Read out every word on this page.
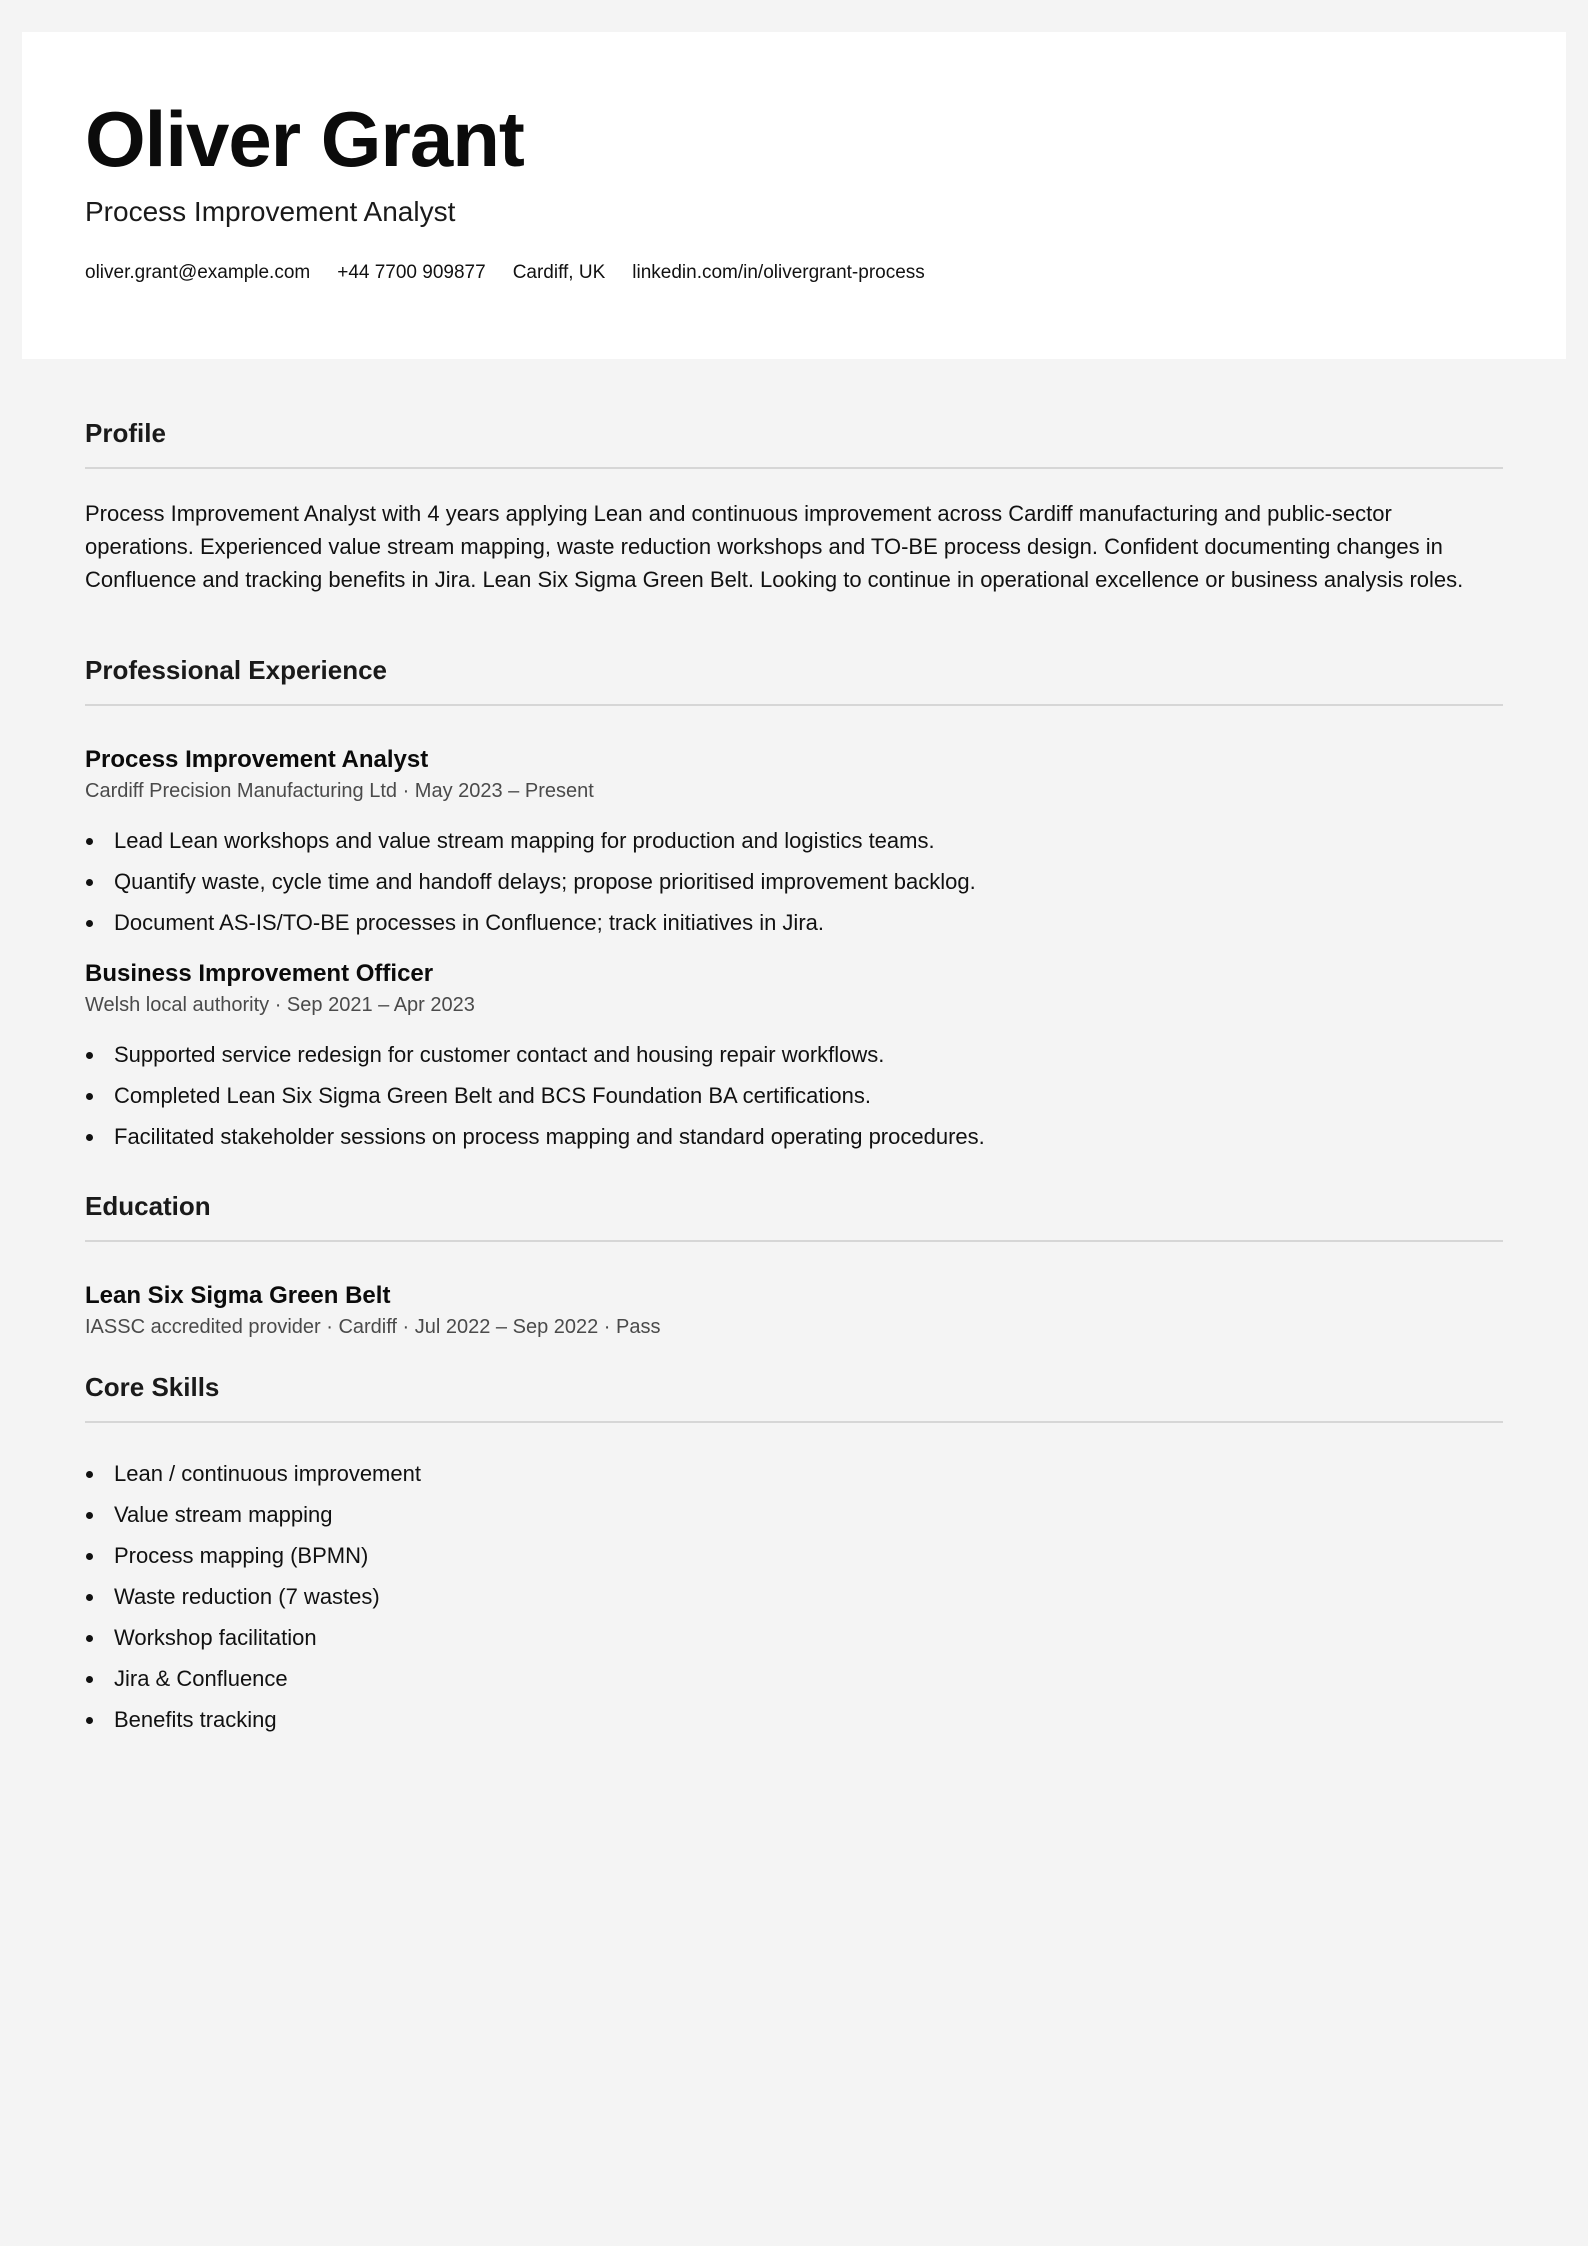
Oliver Grant
Process Improvement Analyst
oliver.grant@example.com +44 7700 909877 Cardiff, UK linkedin.com/in/olivergrant-process
Profile

Process Improvement Analyst with 4 years applying Lean and continuous improvement across Cardiff manufacturing and public-sector operations. Experienced value stream mapping, waste reduction workshops and TO-BE process design. Confident documenting changes in Confluence and tracking benefits in Jira. Lean Six Sigma Green Belt. Looking to continue in operational excellence or business analysis roles.

Professional Experience
Process Improvement Analyst
Cardiff Precision Manufacturing Ltd · May 2023 – Present
Lead Lean workshops and value stream mapping for production and logistics teams.
Quantify waste, cycle time and handoff delays; propose prioritised improvement backlog.
Document AS-IS/TO-BE processes in Confluence; track initiatives in Jira.
Business Improvement Officer
Welsh local authority · Sep 2021 – Apr 2023
Supported service redesign for customer contact and housing repair workflows.
Completed Lean Six Sigma Green Belt and BCS Foundation BA certifications.
Facilitated stakeholder sessions on process mapping and standard operating procedures.
Education
Lean Six Sigma Green Belt
IASSC accredited provider · Cardiff · Jul 2022 – Sep 2022 · Pass
Core Skills
Lean / continuous improvement
Value stream mapping
Process mapping (BPMN)
Waste reduction (7 wastes)
Workshop facilitation
Jira & Confluence
Benefits tracking
